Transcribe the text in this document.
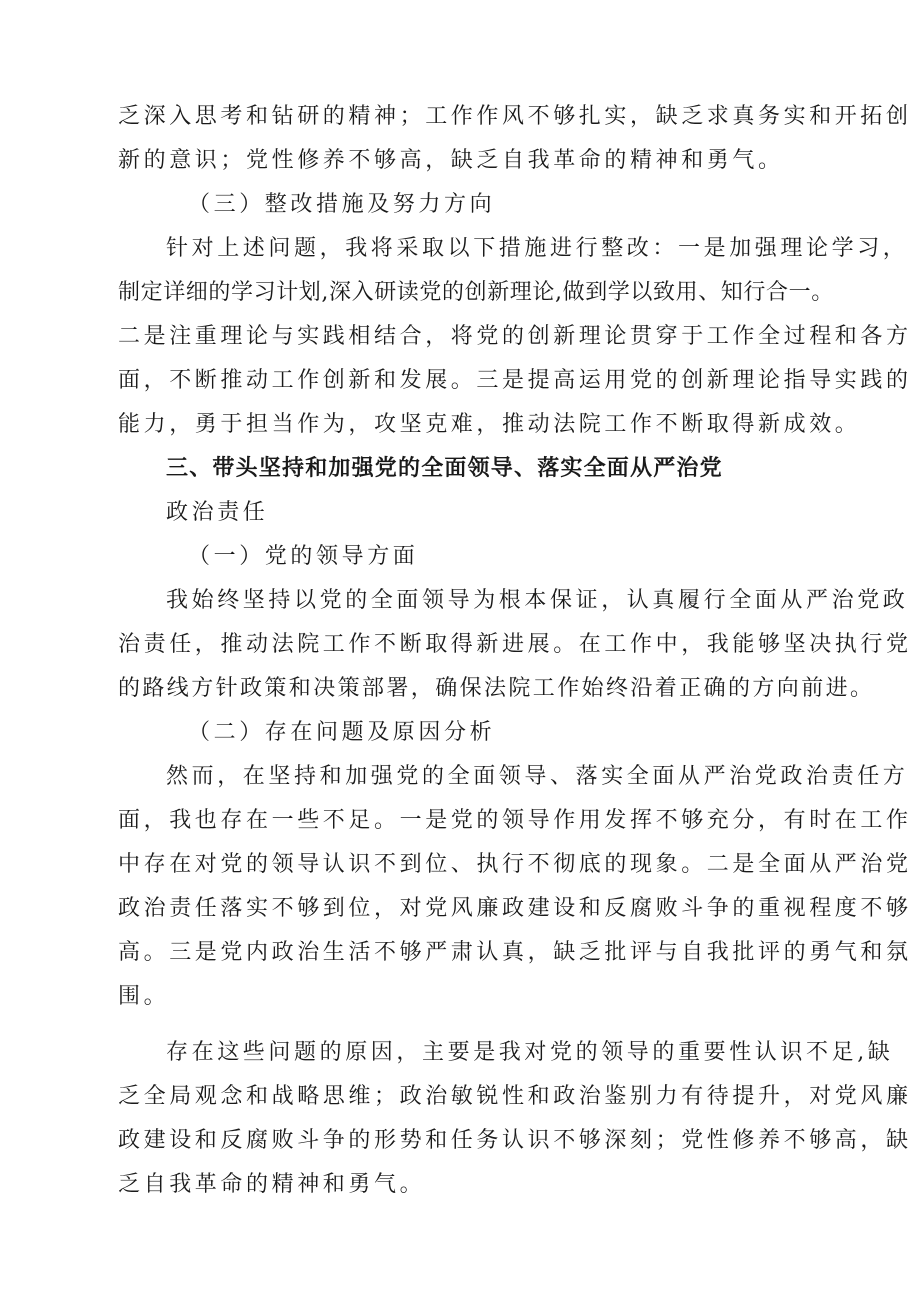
乏深入思考和钻研的精神；工作作风不够扎实，缺乏求真务实和开拓创

新的意识；党性修养不够高，缺乏自我革命的精神和勇气。

（三）整改措施及努力方向

针对上述问题，我将采取以下措施进行整改：一是加强理论学习，

制定详细的学习计划,深入研读党的创新理论,做到学以致用、知行合一。

二是注重理论与实践相结合，将党的创新理论贯穿于工作全过程和各方

面，不断推动工作创新和发展。三是提高运用党的创新理论指导实践的

能力，勇于担当作为，攻坚克难，推动法院工作不断取得新成效。

三、带头坚持和加强党的全面领导、落实全面从严治党

政治责任

（一）党的领导方面

我始终坚持以党的全面领导为根本保证，认真履行全面从严治党政

治责任，推动法院工作不断取得新进展。在工作中，我能够坚决执行党

的路线方针政策和决策部署，确保法院工作始终沿着正确的方向前进。

（二）存在问题及原因分析

然而，在坚持和加强党的全面领导、落实全面从严治党政治责任方

面，我也存在一些不足。一是党的领导作用发挥不够充分，有时在工作

中存在对党的领导认识不到位、执行不彻底的现象。二是全面从严治党

政治责任落实不够到位，对党风廉政建设和反腐败斗争的重视程度不够

高。三是党内政治生活不够严肃认真，缺乏批评与自我批评的勇气和氛

围。

存在这些问题的原因，主要是我对党的领导的重要性认识不足,缺

乏全局观念和战略思维；政治敏锐性和政治鉴别力有待提升，对党风廉

政建设和反腐败斗争的形势和任务认识不够深刻；党性修养不够高，缺

乏自我革命的精神和勇气。
